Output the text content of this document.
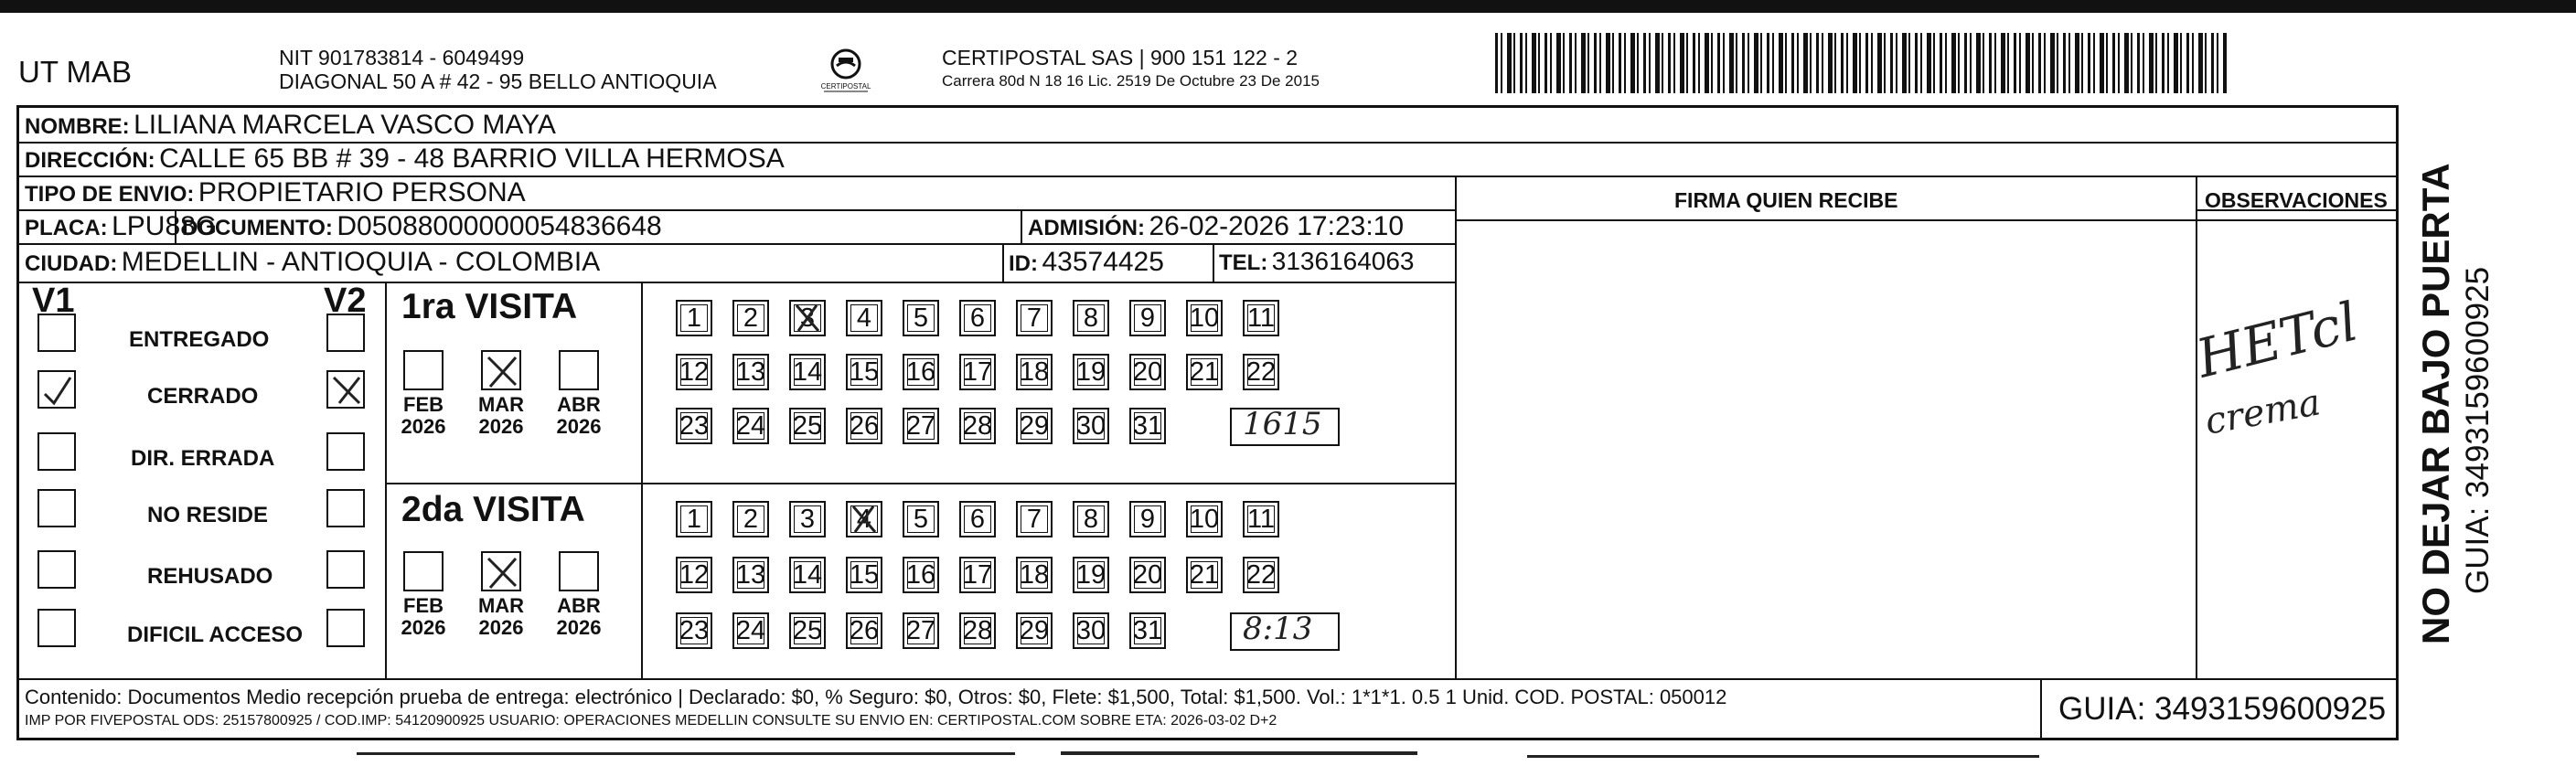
UT MAB	NIT 901783814 - 6049499
DIAGONAL 50 A # 42 - 95 BELLO ANTIOQUIA	CERTIPOSTAL
CERTIPOSTAL SAS | 900 151 122 - 2
Carrera 80d N 18 16 Lic. 2519 De Octubre 23 De 2015
NOMBRE: LILIANA MARCELA VASCO MAYA
DIRECCIÓN: CALLE 65 BB # 39 - 48 BARRIO VILLA HERMOSA
TIPO DE ENVIO: PROPIETARIO PERSONA	FIRMA QUIEN RECIBE	OBSERVACIONES
PLACA: LPU88G
DOCUMENTO: D05088000000054836648	ADMISIÓN: 26-02-2026 17:23:10
CIUDAD: MEDELLIN - ANTIOQUIA - COLOMBIA	ID: 43574425	TEL: 3136164063
V1	V2
ENTREGADO
CERRADO
DIR. ERRADA
NO RESIDE
REHUSADO
DIFICIL ACCESO
1ra VISITA
2da VISITA
FEB
2026
MAR
2026
ABR
2026
FEB
2026
MAR
2026
ABR
2026
1	2	3	4	5	6	7	8	9	10 11
12 13 14 15 16 17 18 19 20 21 22
23 24 25 26 27 28 29 30 31	1615
1	2	3	4	5	6	7	8	9	10 11
12 13 14 15 16 17 18 19 20 21 22
23 24 25 26 27 28 29 30 31	8:13
HETcl
crema
Contenido: Documentos Medio recepción prueba de entrega: electrónico | Declarado: $0, % Seguro: $0, Otros: $0, Flete: $1,500, Total: $1,500. Vol.: 1*1*1. 0.5 1 Unid. COD. POSTAL: 050012
IMP POR FIVEPOSTAL ODS: 25157800925 / COD.IMP: 54120900925 USUARIO: OPERACIONES MEDELLIN CONSULTE SU ENVIO EN: CERTIPOSTAL.COM SOBRE ETA: 2026-03-02 D+2	GUIA: 3493159600925
NO DEJAR BAJO PUERTA GUIA: 3493159600925
